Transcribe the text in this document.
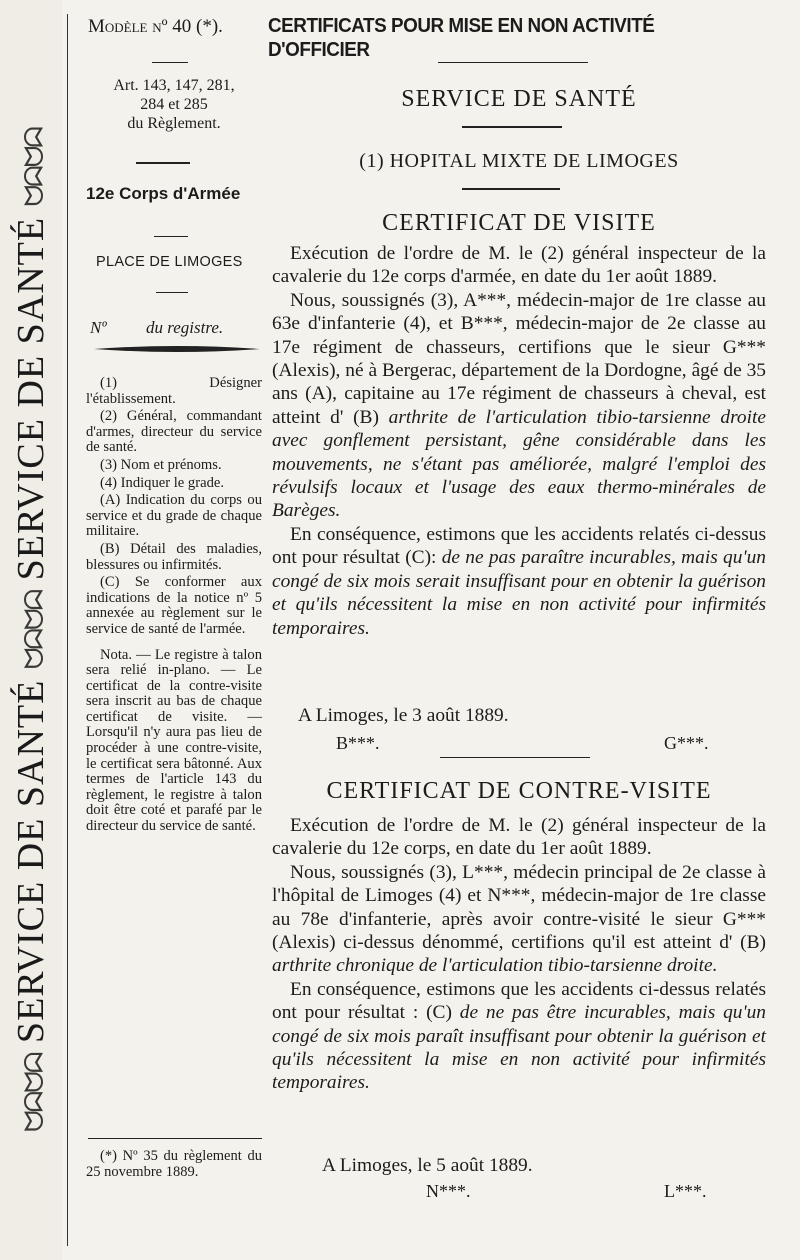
ᗢᗣᗢᗣ SERVICE DE SANTÉ ᗢᗣᗢᗣ SERVICE DE SANTÉ ᗢᗣᗢᗣ
Modèle nº 40 (*). CERTIFICATS POUR MISE EN NON ACTIVITÉ D'OFFICIER
Art. 143, 147, 281,
284 et 285
du Règlement.
12e Corps d'Armée
PLACE DE LIMOGES
Nº du registre.

(1) Désigner l'établissement.

(2) Général, commandant d'armes, directeur du service de santé.

(3) Nom et prénoms.

(4) Indiquer le grade.

(A) Indication du corps ou service et du grade de chaque militaire.

(B) Détail des maladies, blessures ou infirmités.

(C) Se conformer aux indications de la notice nº 5 annexée au règlement sur le service de santé de l'armée.

Nota. — Le registre à talon sera relié in-plano. — Le certificat de la contre-visite sera inscrit au bas de chaque certificat de visite. — Lorsqu'il n'y aura pas lieu de procéder à une contre-visite, le certificat sera bâtonné. Aux termes de l'article 143 du règlement, le registre à talon doit être coté et parafé par le directeur du service de santé.

(*) Nº 35 du règlement du 25 novembre 1889.

SERVICE DE SANTÉ
(1) HOPITAL MIXTE DE LIMOGES
CERTIFICAT DE VISITE

Exécution de l'ordre de M. le (2) général inspecteur de la cavalerie du 12e corps d'armée, en date du 1er août 1889.

Nous, soussignés (3), A***, médecin-major de 1re classe au 63e d'infanterie (4), et B***, médecin-major de 2e classe au 17e régiment de chasseurs, certifions que le sieur G*** (Alexis), né à Bergerac, département de la Dordogne, âgé de 35 ans (A), capitaine au 17e régiment de chasseurs à cheval, est atteint d' (B) arthrite de l'articulation tibio-tarsienne droite avec gonflement persistant, gêne considérable dans les mouvements, ne s'étant pas améliorée, malgré l'emploi des révulsifs locaux et l'usage des eaux thermo-minérales de Barèges.

En conséquence, estimons que les accidents relatés ci-dessus ont pour résultat (C): de ne pas paraître incurables, mais qu'un congé de six mois serait insuffisant pour en obtenir la guérison et qu'ils nécessitent la mise en non activité pour infirmités temporaires.

A Limoges, le 3 août 1889.
B***.	G***.
CERTIFICAT DE CONTRE-VISITE

Exécution de l'ordre de M. le (2) général inspecteur de la cavalerie du 12e corps, en date du 1er août 1889.

Nous, soussignés (3), L***, médecin principal de 2e classe à l'hôpital de Limoges (4) et N***, médecin-major de 1re classe au 78e d'infanterie, après avoir contre-visité le sieur G*** (Alexis) ci-dessus dénommé, certifions qu'il est atteint d' (B) arthrite chronique de l'articulation tibio-tarsienne droite.

En conséquence, estimons que les accidents ci-dessus relatés ont pour résultat : (C) de ne pas être incurables, mais qu'un congé de six mois paraît insuffisant pour obtenir la guérison et qu'ils nécessitent la mise en non activité pour infirmités temporaires.

A Limoges, le 5 août 1889.
N***.	L***.
